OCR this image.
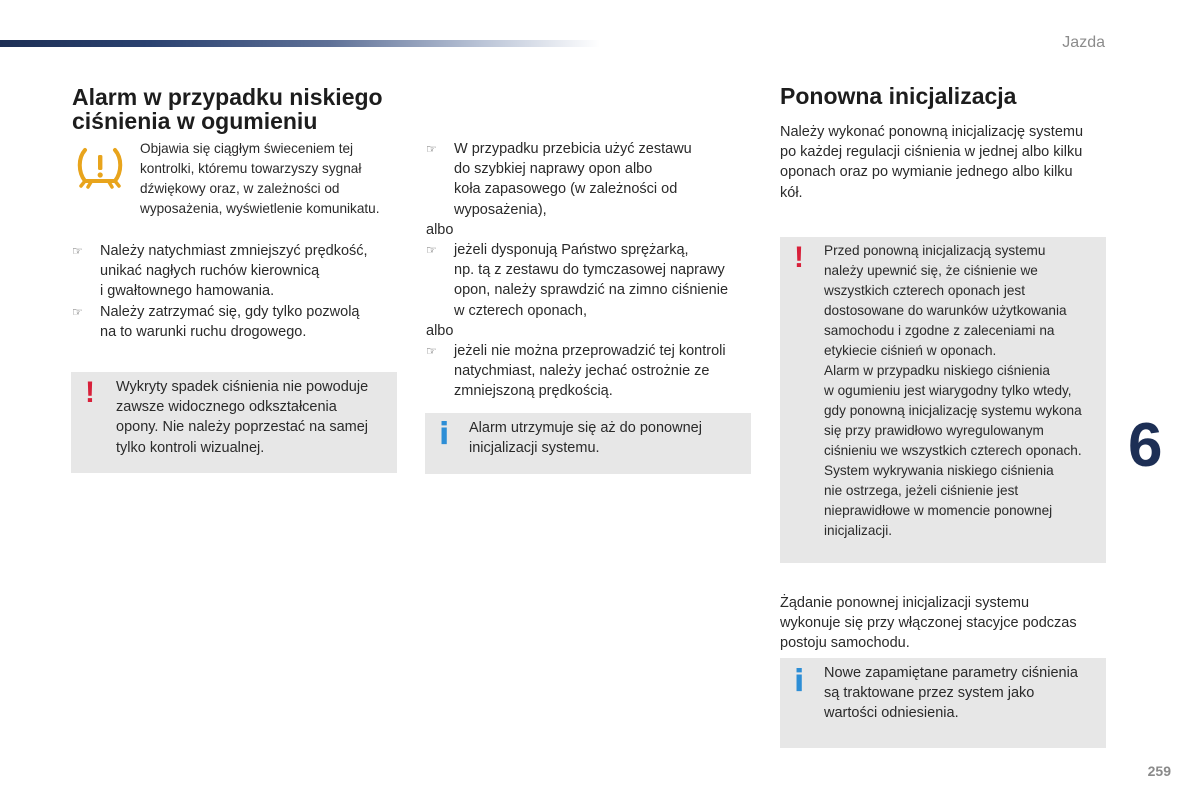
Jazda
6
259
Alarm w przypadku niskiego
ciśnienia w ogumieniu
Objawia się ciągłym świeceniem tej
kontrolki, któremu towarzyszy sygnał
dźwiękowy oraz, w zależności od
wyposażenia, wyświetlenie komunikatu.
☞ Należy natychmiast zmniejszyć prędkość,
unikać nagłych ruchów kierownicą
i gwałtownego hamowania.
☞ Należy zatrzymać się, gdy tylko pozwolą
na to warunki ruchu drogowego.
! Wykryty spadek ciśnienia nie powoduje
zawsze widocznego odkształcenia
opony. Nie należy poprzestać na samej
tylko kontroli wizualnej.
☞ W przypadku przebicia użyć zestawu
do szybkiej naprawy opon albo
koła zapasowego (w zależności od
wyposażenia),
albo
☞ jeżeli dysponują Państwo sprężarką,
np. tą z zestawu do tymczasowej naprawy
opon, należy sprawdzić na zimno ciśnienie
w czterech oponach,
albo
☞ jeżeli nie można przeprowadzić tej kontroli
natychmiast, należy jechać ostrożnie ze
zmniejszoną prędkością.
i Alarm utrzymuje się aż do ponownej
inicjalizacji systemu.
Ponowna inicjalizacja
Należy wykonać ponowną inicjalizację systemu
po każdej regulacji ciśnienia w jednej albo kilku
oponach oraz po wymianie jednego albo kilku
kół.
! Przed ponowną inicjalizacją systemu
należy upewnić się, że ciśnienie we
wszystkich czterech oponach jest
dostosowane do warunków użytkowania
samochodu i zgodne z zaleceniami na
etykiecie ciśnień w oponach.
Alarm w przypadku niskiego ciśnienia
w ogumieniu jest wiarygodny tylko wtedy,
gdy ponowną inicjalizację systemu wykona
się przy prawidłowo wyregulowanym
ciśnieniu we wszystkich czterech oponach.
System wykrywania niskiego ciśnienia
nie ostrzega, jeżeli ciśnienie jest
nieprawidłowe w momencie ponownej
inicjalizacji.
Żądanie ponownej inicjalizacji systemu
wykonuje się przy włączonej stacyjce podczas
postoju samochodu.
i Nowe zapamiętane parametry ciśnienia
są traktowane przez system jako
wartości odniesienia.
